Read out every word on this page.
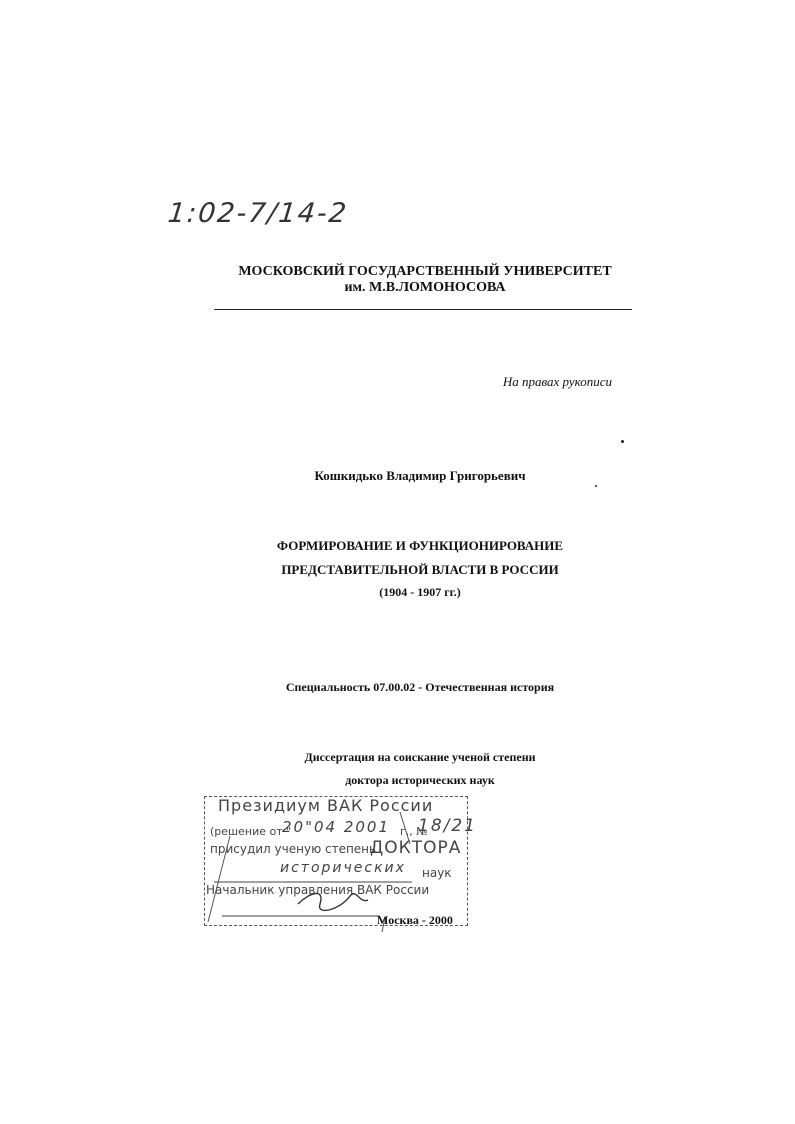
1:02-7/14-2
МОСКОВСКИЙ ГОСУДАРСТВЕННЫЙ УНИВЕРСИТЕТ
им. М.В.ЛОМОНОСОВА
На правах рукописи
Кошкидько Владимир Григорьевич
ФОРМИРОВАНИЕ И ФУНКЦИОНИРОВАНИЕ
ПРЕДСТАВИТЕЛЬНОЙ ВЛАСТИ В РОССИИ
(1904 - 1907 гг.)
Специальность 07.00.02 - Отечественная история
Диссертация на соискание ученой степени
доктора исторических наук
Президиум ВАК России
(решение от "
20"04 2001 г., №
18/21
присудил ученую степень
ДОКТОРА
исторических наук
Начальник управления ВАК России
Москва - 2000
